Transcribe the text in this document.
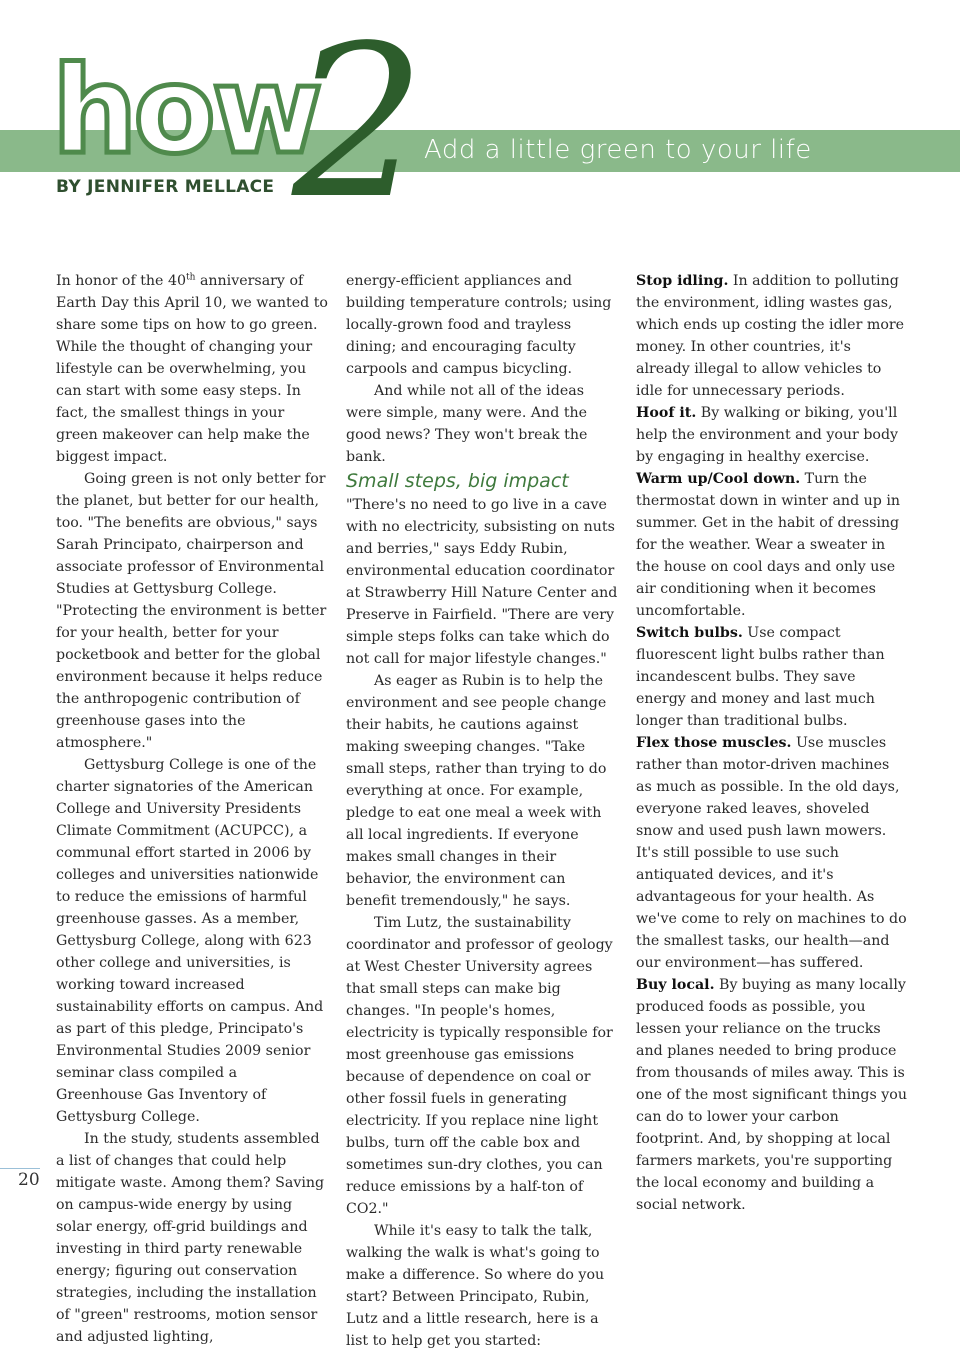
how
2
Add a little green to your life
BY JENNIFER MELLACE

In honor of the 40th anniversary of Earth Day this April 10, we wanted to share some tips on how to go green. While the thought of changing your lifestyle can be overwhelming, you can start with some easy steps. In fact, the smallest things in your green makeover can help make the biggest impact.

Going green is not only better for the planet, but better for our health, too. "The benefits are obvious," says Sarah Principato, chairperson and associate professor of Environmental Studies at Gettysburg College. "Protecting the environment is better for your health, better for your pocketbook and better for the global environment because it helps reduce the anthropogenic contribution of greenhouse gases into the atmosphere."

Gettysburg College is one of the charter signatories of the American College and University Presidents Climate Commitment (ACUPCC), a communal effort started in 2006 by colleges and universities nationwide to reduce the emissions of harmful greenhouse gasses. As a member, Gettysburg College, along with 623 other college and universities, is working toward increased sustainability efforts on campus. And as part of this pledge, Principato's Environmental Studies 2009 senior seminar class compiled a Greenhouse Gas Inventory of Gettysburg College.

In the study, students assembled a list of changes that could help mitigate waste. Among them? Saving on campus-wide energy by using solar energy, off-grid buildings and investing in third party renewable energy; figuring out conservation strategies, including the installation of "green" restrooms, motion sensor and adjusted lighting,

energy-efficient appliances and building temperature controls; using locally-grown food and trayless dining; and encouraging faculty carpools and campus bicycling.

And while not all of the ideas were simple, many were. And the good news? They won't break the bank.

Small steps, big impact

"There's no need to go live in a cave with no electricity, subsisting on nuts and berries," says Eddy Rubin, environmental education coordinator at Strawberry Hill Nature Center and Preserve in Fairfield. "There are very simple steps folks can take which do not call for major lifestyle changes."

As eager as Rubin is to help the environment and see people change their habits, he cautions against making sweeping changes. "Take small steps, rather than trying to do everything at once. For example, pledge to eat one meal a week with all local ingredients. If everyone makes small changes in their behavior, the environment can benefit tremendously," he says.

Tim Lutz, the sustainability coordinator and professor of geology at West Chester University agrees that small steps can make big changes. "In people's homes, electricity is typically responsible for most greenhouse gas emissions because of dependence on coal or other fossil fuels in generating electricity. If you replace nine light bulbs, turn off the cable box and sometimes sun-dry clothes, you can reduce emissions by a half-ton of CO2."

While it's easy to talk the talk, walking the walk is what's going to make a difference. So where do you start? Between Principato, Rubin, Lutz and a little research, here is a list to help get you started:

Stop idling. In addition to polluting the environment, idling wastes gas, which ends up costing the idler more money. In other countries, it's already illegal to allow vehicles to idle for unnecessary periods.

Hoof it. By walking or biking, you'll help the environment and your body by engaging in healthy exercise.

Warm up/Cool down. Turn the thermostat down in winter and up in summer. Get in the habit of dressing for the weather. Wear a sweater in the house on cool days and only use air conditioning when it becomes uncomfortable.

Switch bulbs. Use compact fluorescent light bulbs rather than incandescent bulbs. They save energy and money and last much longer than traditional bulbs.

Flex those muscles. Use muscles rather than motor-driven machines as much as possible. In the old days, everyone raked leaves, shoveled snow and used push lawn mowers. It's still possible to use such antiquated devices, and it's advantageous for your health. As we've come to rely on machines to do the smallest tasks, our health—and our environment—has suffered.

Buy local. By buying as many locally produced foods as possible, you lessen your reliance on the trucks and planes needed to bring produce from thousands of miles away. This is one of the most significant things you can do to lower your carbon footprint. And, by shopping at local farmers markets, you're supporting the local economy and building a social network.

20
